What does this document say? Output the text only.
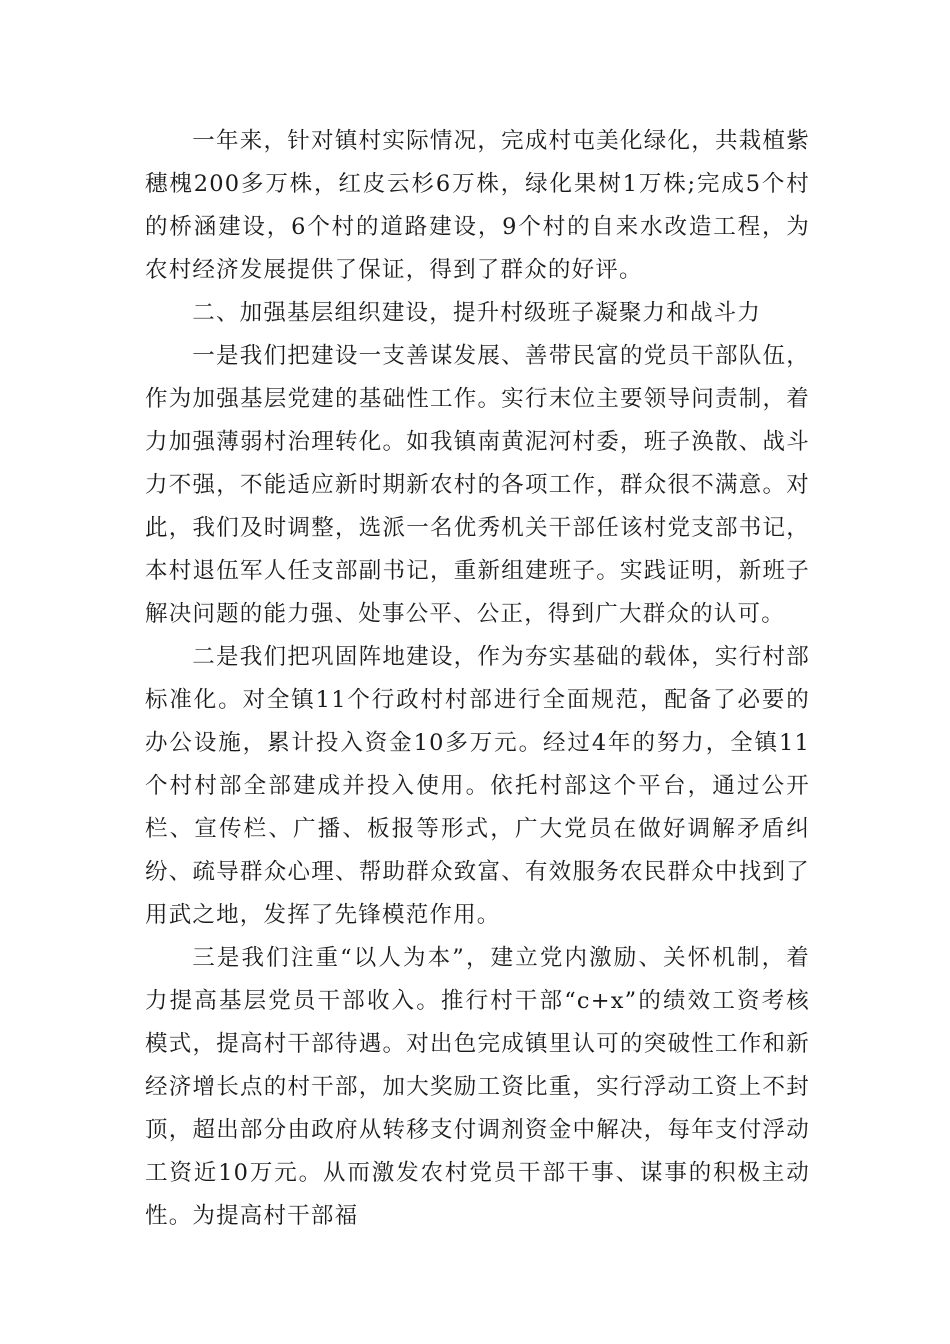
一年来，针对镇村实际情况，完成村屯美化绿化，共栽植紫穗槐200多万株，红皮云杉6万株，绿化果树1万株;完成5个村的桥涵建设，6个村的道路建设，9个村的自来水改造工程，为农村经济发展提供了保证，得到了群众的好评。

二、加强基层组织建设，提升村级班子凝聚力和战斗力

一是我们把建设一支善谋发展、善带民富的党员干部队伍，作为加强基层党建的基础性工作。实行末位主要领导问责制，着力加强薄弱村治理转化。如我镇南黄泥河村委，班子涣散、战斗力不强，不能适应新时期新农村的各项工作，群众很不满意。对此，我们及时调整，选派一名优秀机关干部任该村党支部书记，本村退伍军人任支部副书记，重新组建班子。实践证明，新班子解决问题的能力强、处事公平、公正，得到广大群众的认可。

二是我们把巩固阵地建设，作为夯实基础的载体，实行村部标准化。对全镇11个行政村村部进行全面规范，配备了必要的办公设施，累计投入资金10多万元。经过4年的努力，全镇11个村村部全部建成并投入使用。依托村部这个平台，通过公开栏、宣传栏、广播、板报等形式，广大党员在做好调解矛盾纠纷、疏导群众心理、帮助群众致富、有效服务农民群众中找到了用武之地，发挥了先锋模范作用。

三是我们注重“以人为本”，建立党内激励、关怀机制，着力提高基层党员干部收入。推行村干部“c+x”的绩效工资考核模式，提高村干部待遇。对出色完成镇里认可的突破性工作和新经济增长点的村干部，加大奖励工资比重，实行浮动工资上不封顶，超出部分由政府从转移支付调剂资金中解决，每年支付浮动工资近10万元。从而激发农村党员干部干事、谋事的积极主动性。为提高村干部福
